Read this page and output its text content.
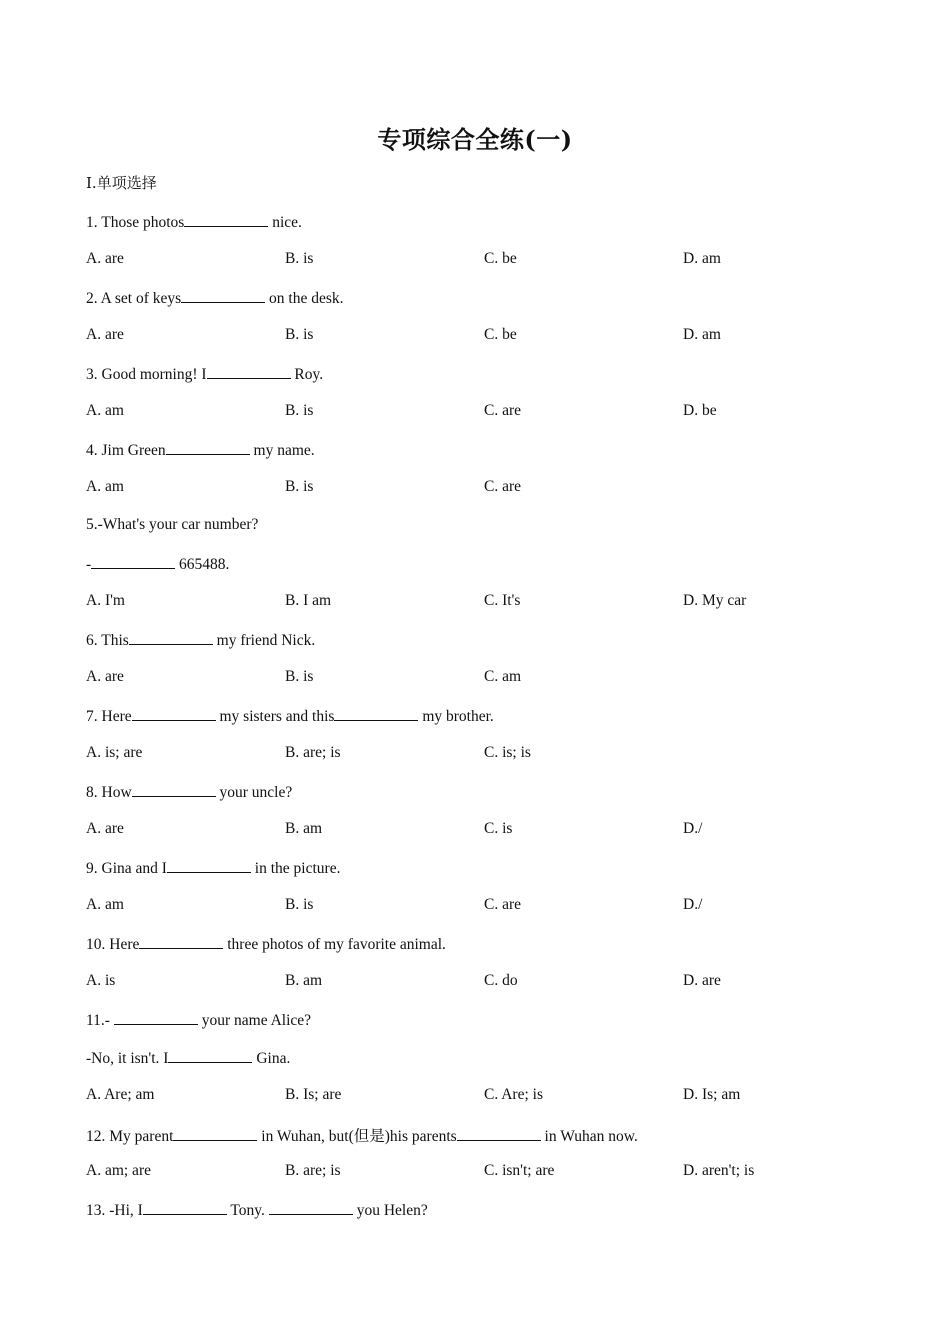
专项综合全练(一)
I.单项选择
1. Those photos	nice.
A. are	B. is	C. be	D. am
2. A set of keys	on the desk.
A. are	B. is	C. be	D. am
3. Good morning! I	Roy.
A. am	B. is	C. are	D. be
4. Jim Green	my name.
A. am	B. is	C. are
5.-What's your car number?
-	665488.
A. I'm	B. I am	C. It's	D. My car
6. This	my friend Nick.
A. are	B. is	C. am
7. Here	my sisters and this	my brother.
A. is; are	B. are; is	C. is; is
8. How	your uncle?
A. are	B. am	C. is	D./
9. Gina and I	in the picture.
A. am	B. is	C. are	D./
10. Here	three photos of my favorite animal.
A. is	B. am	C. do	D. are
11.-	your name Alice?
-No, it isn't. I	Gina.
A. Are; am	B. Is; are	C. Are; is	D. Is; am
12. My parent	in Wuhan, but(但是)his parents	in Wuhan now.
A. am; are	B. are; is	C. isn't; are	D. aren't; is
13. -Hi, I	Tony.	you Helen?
